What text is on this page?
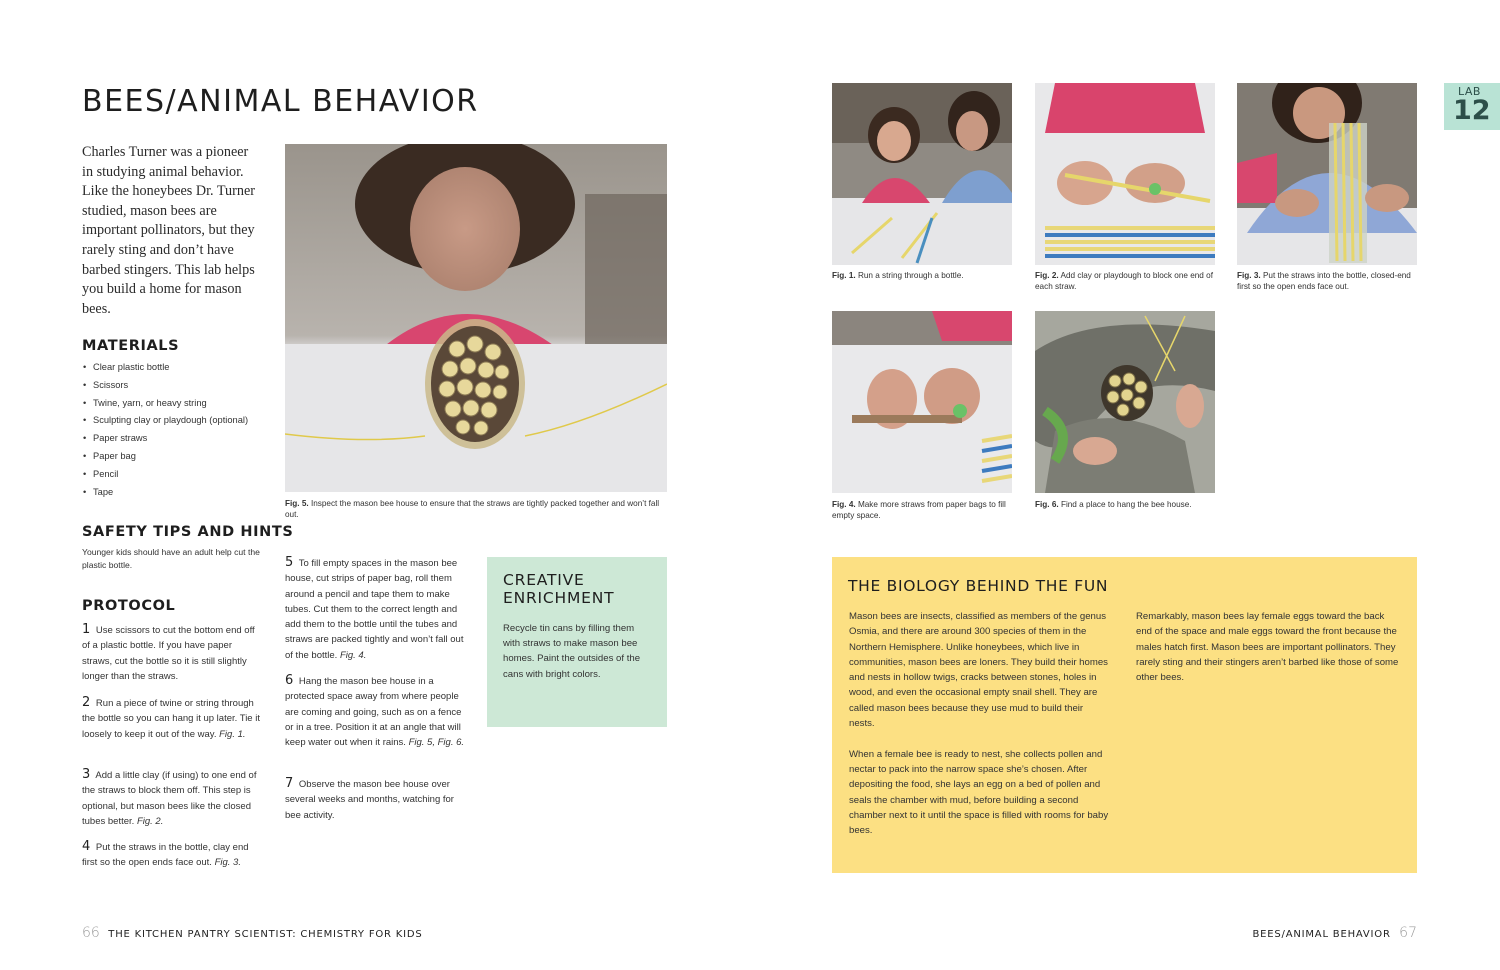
BEES/ANIMAL BEHAVIOR

Charles Turner was a pioneer in studying animal behavior. Like the honeybees Dr. Turner studied, mason bees are important pollinators, but they rarely sting and don’t have barbed stingers. This lab helps you build a home for mason bees.

MATERIALS
• Clear plastic bottle
• Scissors
• Twine, yarn, or heavy string
• Sculpting clay or playdough (optional)
• Paper straws
• Paper bag
• Pencil
• Tape
SAFETY TIPS AND HINTS

Younger kids should have an adult help cut the plastic bottle.

PROTOCOL

1 Use scissors to cut the bottom end off of a plastic bottle. If you have paper straws, cut the bottle so it is still slightly longer than the straws.

2 Run a piece of twine or string through the bottle so you can hang it up later. Tie it loosely to keep it out of the way. Fig. 1.

3 Add a little clay (if using) to one end of the straws to block them off. This step is optional, but mason bees like the closed tubes better. Fig. 2.

4 Put the straws in the bottle, clay end first so the open ends face out. Fig. 3.

5 To fill empty spaces in the mason bee house, cut strips of paper bag, roll them around a pencil and tape them to make tubes. Cut them to the correct length and add them to the bottle until the tubes and straws are packed tightly and won’t fall out of the bottle. Fig. 4.

6 Hang the mason bee house in a protected space away from where people are coming and going, such as on a fence or in a tree. Position it at an angle that will keep water out when it rains. Fig. 5, Fig. 6.

7 Observe the mason bee house over several weeks and months, watching for bee activity.

Fig. 5. Inspect the mason bee house to ensure that the straws are tightly packed together and won’t fall out.

CREATIVE ENRICHMENT
Recycle tin cans by filling them with straws to make mason bee homes. Paint the outsides of the cans with bright colors.

Fig. 1. Run a string through a bottle.	Fig. 2. Add clay or playdough to block one end of each straw.

Fig. 3. Put the straws into the bottle, closed-end first so the open ends face out.

Fig. 4. Make more straws from paper bags to fill empty space.

Fig. 6. Find a place to hang the bee house.

LAB
12
THE BIOLOGY BEHIND THE FUN

Mason bees are insects, classified as members of the genus Osmia, and there are around 300 species of them in the Northern Hemisphere. Unlike honeybees, which live in communities, mason bees are loners. They build their homes and nests in hollow twigs, cracks between stones, holes in wood, and even the occasional empty snail shell. They are called mason bees because they use mud to build their nests.

When a female bee is ready to nest, she collects pollen and nectar to pack into the narrow space she’s chosen. After depositing the food, she lays an egg on a bed of pollen and seals the chamber with mud, before building a second chamber next to it until the space is filled with rooms for baby bees.

Remarkably, mason bees lay female eggs toward the back end of the space and male eggs toward the front because the males hatch first. Mason bees are important pollinators. They rarely sting and their stingers aren’t barbed like those of some other bees.

66 THE KITCHEN PANTRY SCIENTIST: CHEMISTRY FOR KIDS	BEES/ANIMAL BEHAVIOR 67
